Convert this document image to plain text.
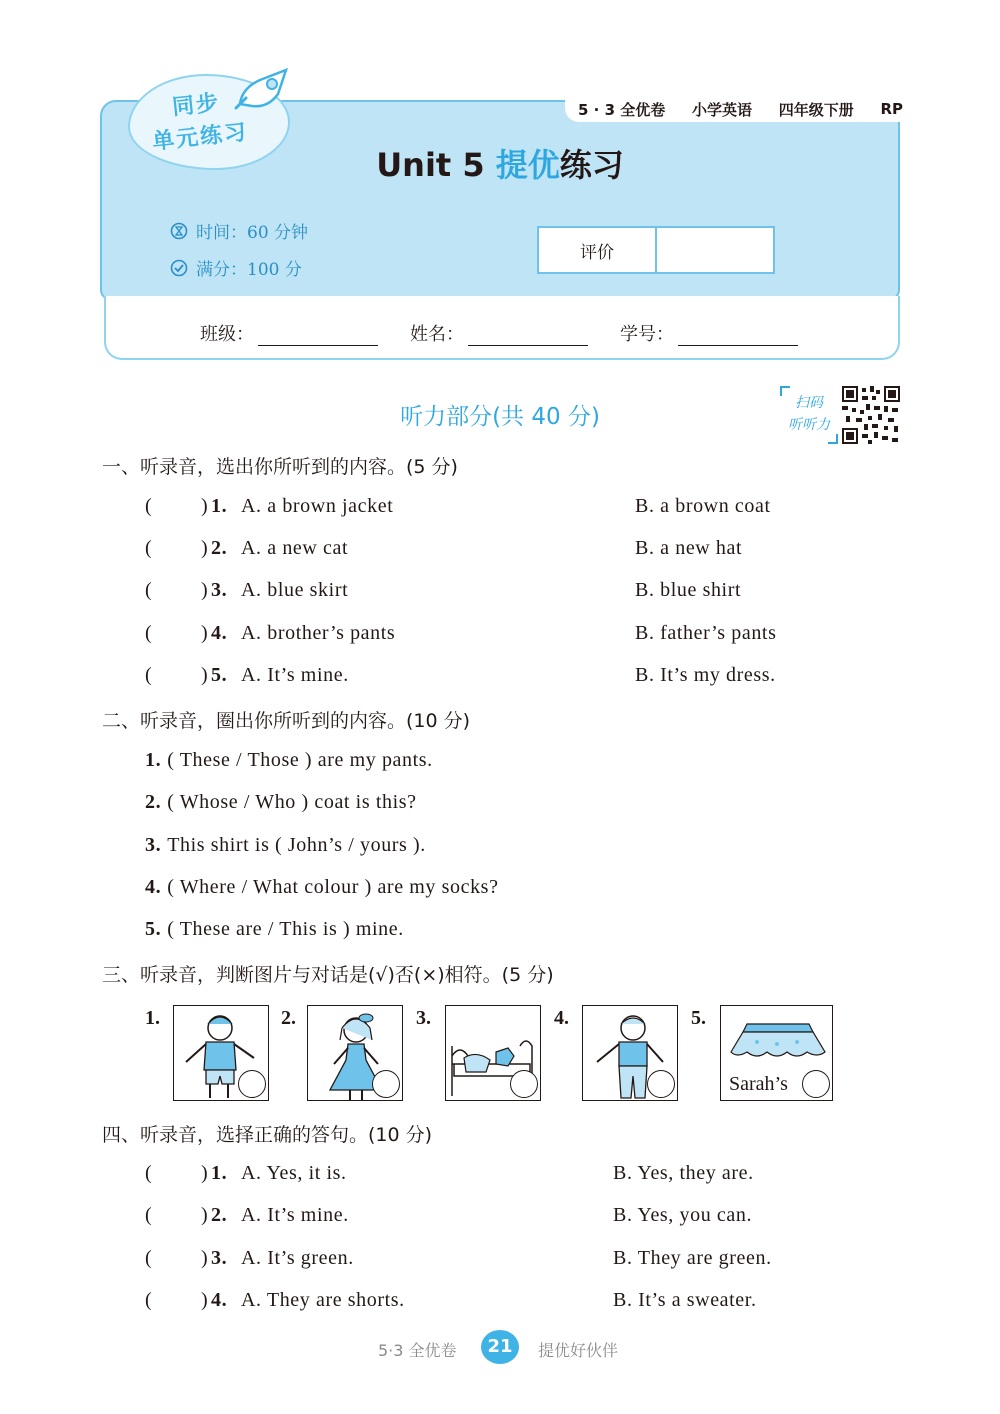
5 · 3 全优卷 小学英语 四年级下册 RP
同步
单元练习
Unit 5 提优练习
时间：60 分钟
满分：100 分
评价
班级：	姓名：	学号：
听力部分(共 40 分)
扫码
听听力
一、听录音，选出你所听到的内容。(5 分)
( ) 1. A. a brown jacket	B. a brown coat
( ) 2. A. a new cat	B. a new hat
( ) 3. A. blue skirt	B. blue shirt
( ) 4. A. brother’s pants	B. father’s pants
( ) 5. A. It’s mine.	B. It’s my dress.
二、听录音，圈出你所听到的内容。(10 分)
1. ( These / Those ) are my pants.
2. ( Whose / Who ) coat is this?
3. This shirt is ( John’s / yours ).
4. ( Where / What colour ) are my socks?
5. ( These are / This is ) mine.
三、听录音，判断图片与对话是(√)否(×)相符。(5 分)
1.	2.	3.	4.	5.
Sarah’s
四、听录音，选择正确的答句。(10 分)
( ) 1. A. Yes, it is.	B. Yes, they are.
( ) 2. A. It’s mine.	B. Yes, you can.
( ) 3. A. It’s green.	B. They are green.
( ) 4. A. They are shorts.	B. It’s a sweater.
5·3 全优卷	21	提优好伙伴
